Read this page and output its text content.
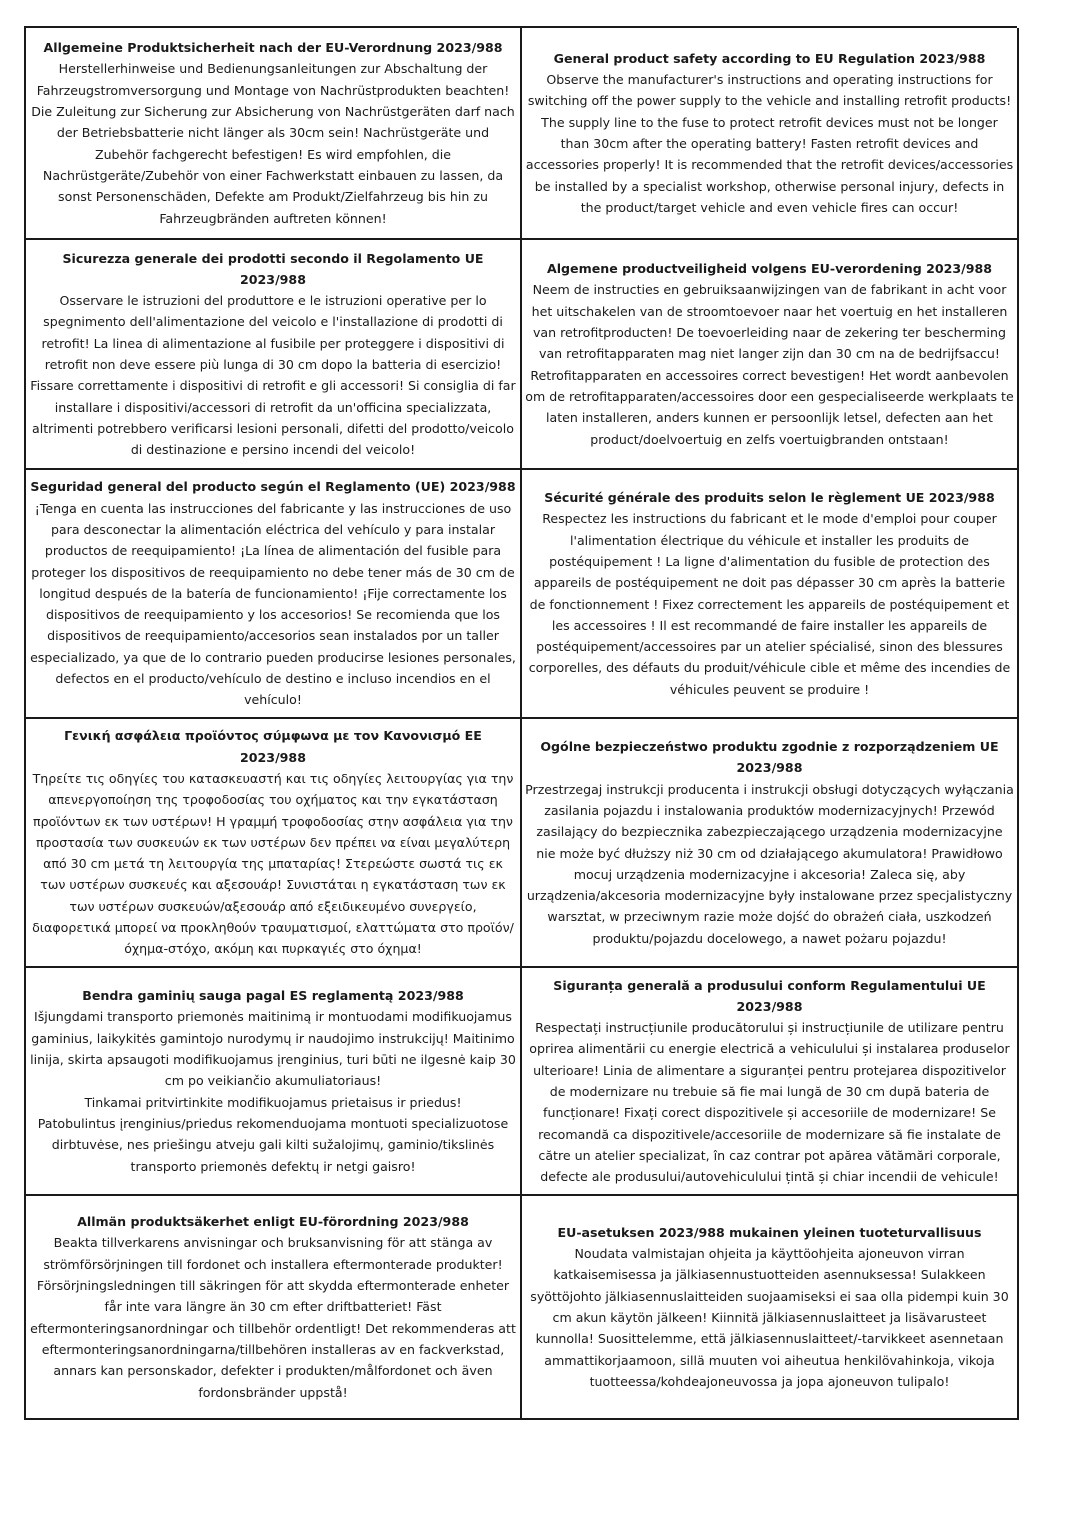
Allgemeine Produktsicherheit nach der EU-Verordnung 2023/988

Herstellerhinweise und Bedienungsanleitungen zur Abschaltung der Fahrzeugstromversorgung und Montage von Nachrüstprodukten beachten! Die Zuleitung zur Sicherung zur Absicherung von Nachrüstgeräten darf nach der Betriebsbatterie nicht länger als 30cm sein! Nachrüstgeräte und Zubehör fachgerecht befestigen! Es wird empfohlen, die Nachrüstgeräte/Zubehör von einer Fachwerkstatt einbauen zu lassen, da sonst Personenschäden, Defekte am Produkt/Zielfahrzeug bis hin zu Fahrzeugbränden auftreten können!

General product safety according to EU Regulation 2023/988

Observe the manufacturer's instructions and operating instructions for switching off the power supply to the vehicle and installing retrofit products! The supply line to the fuse to protect retrofit devices must not be longer than 30cm after the operating battery! Fasten retrofit devices and accessories properly! It is recommended that the retrofit devices/accessories be installed by a specialist workshop, otherwise personal injury, defects in the product/target vehicle and even vehicle fires can occur!

Sicurezza generale dei prodotti secondo il Regolamento UE 2023/988

Osservare le istruzioni del produttore e le istruzioni operative per lo spegnimento dell'alimentazione del veicolo e l'installazione di prodotti di retrofit! La linea di alimentazione al fusibile per proteggere i dispositivi di retrofit non deve essere più lunga di 30 cm dopo la batteria di esercizio! Fissare correttamente i dispositivi di retrofit e gli accessori! Si consiglia di far installare i dispositivi/accessori di retrofit da un'officina specializzata, altrimenti potrebbero verificarsi lesioni personali, difetti del prodotto/veicolo di destinazione e persino incendi del veicolo!

Algemene productveiligheid volgens EU-verordening 2023/988

Neem de instructies en gebruiksaanwijzingen van de fabrikant in acht voor het uitschakelen van de stroomtoevoer naar het voertuig en het installeren van retrofitproducten! De toevoerleiding naar de zekering ter bescherming van retrofitapparaten mag niet langer zijn dan 30 cm na de bedrijfsaccu! Retrofitapparaten en accessoires correct bevestigen! Het wordt aanbevolen om de retrofitapparaten/accessoires door een gespecialiseerde werkplaats te laten installeren, anders kunnen er persoonlijk letsel, defecten aan het product/doelvoertuig en zelfs voertuigbranden ontstaan!

Seguridad general del producto según el Reglamento (UE) 2023/988

¡Tenga en cuenta las instrucciones del fabricante y las instrucciones de uso para desconectar la alimentación eléctrica del vehículo y para instalar productos de reequipamiento! ¡La línea de alimentación del fusible para proteger los dispositivos de reequipamiento no debe tener más de 30 cm de longitud después de la batería de funcionamiento! ¡Fije correctamente los dispositivos de reequipamiento y los accesorios! Se recomienda que los dispositivos de reequipamiento/accesorios sean instalados por un taller especializado, ya que de lo contrario pueden producirse lesiones personales, defectos en el producto/vehículo de destino e incluso incendios en el vehículo!

Sécurité générale des produits selon le règlement UE 2023/988

Respectez les instructions du fabricant et le mode d'emploi pour couper l'alimentation électrique du véhicule et installer les produits de postéquipement ! La ligne d'alimentation du fusible de protection des appareils de postéquipement ne doit pas dépasser 30 cm après la batterie de fonctionnement ! Fixez correctement les appareils de postéquipement et les accessoires ! Il est recommandé de faire installer les appareils de postéquipement/accessoires par un atelier spécialisé, sinon des blessures corporelles, des défauts du produit/véhicule cible et même des incendies de véhicules peuvent se produire !

Γενική ασφάλεια προϊόντος σύμφωνα με τον Κανονισμό ΕΕ 2023/988

Τηρείτε τις οδηγίες του κατασκευαστή και τις οδηγίες λειτουργίας για την απενεργοποίηση της τροφοδοσίας του οχήματος και την εγκατάσταση προϊόντων εκ των υστέρων! Η γραμμή τροφοδοσίας στην ασφάλεια για την προστασία των συσκευών εκ των υστέρων δεν πρέπει να είναι μεγαλύτερη από 30 cm μετά τη λειτουργία της μπαταρίας! Στερεώστε σωστά τις εκ των υστέρων συσκευές και αξεσουάρ! Συνιστάται η εγκατάσταση των εκ των υστέρων συσκευών/αξεσουάρ από εξειδικευμένο συνεργείο, διαφορετικά μπορεί να προκληθούν τραυματισμοί, ελαττώματα στο προϊόν/όχημα-στόχο, ακόμη και πυρκαγιές στο όχημα!

Ogólne bezpieczeństwo produktu zgodnie z rozporządzeniem UE 2023/988

Przestrzegaj instrukcji producenta i instrukcji obsługi dotyczących wyłączania zasilania pojazdu i instalowania produktów modernizacyjnych! Przewód zasilający do bezpiecznika zabezpieczającego urządzenia modernizacyjne nie może być dłuższy niż 30 cm od działającego akumulatora! Prawidłowo mocuj urządzenia modernizacyjne i akcesoria! Zaleca się, aby urządzenia/akcesoria modernizacyjne były instalowane przez specjalistyczny warsztat, w przeciwnym razie może dojść do obrażeń ciała, uszkodzeń produktu/pojazdu docelowego, a nawet pożaru pojazdu!

Bendra gaminių sauga pagal ES reglamentą 2023/988

Išjungdami transporto priemonės maitinimą ir montuodami modifikuojamus gaminius, laikykitės gamintojo nurodymų ir naudojimo instrukcijų! Maitinimo linija, skirta apsaugoti modifikuojamus įrenginius, turi būti ne ilgesnė kaip 30 cm po veikiančio akumuliatoriaus!
Tinkamai pritvirtinkite modifikuojamus prietaisus ir priedus!
Patobulintus įrenginius/priedus rekomenduojama montuoti specializuotose dirbtuvėse, nes priešingu atveju gali kilti sužalojimų, gaminio/tikslinės transporto priemonės defektų ir netgi gaisro!

Siguranța generală a produsului conform Regulamentului UE 2023/988

Respectați instrucțiunile producătorului și instrucțiunile de utilizare pentru oprirea alimentării cu energie electrică a vehiculului și instalarea produselor ulterioare! Linia de alimentare a siguranței pentru protejarea dispozitivelor de modernizare nu trebuie să fie mai lungă de 30 cm după bateria de funcționare! Fixați corect dispozitivele și accesoriile de modernizare! Se recomandă ca dispozitivele/accesoriile de modernizare să fie instalate de către un atelier specializat, în caz contrar pot apărea vătămări corporale, defecte ale produsului/autovehiculului țintă și chiar incendii de vehicule!

Allmän produktsäkerhet enligt EU-förordning 2023/988

Beakta tillverkarens anvisningar och bruksanvisning för att stänga av strömförsörjningen till fordonet och installera eftermonterade produkter! Försörjningsledningen till säkringen för att skydda eftermonterade enheter får inte vara längre än 30 cm efter driftbatteriet! Fäst eftermonteringsanordningar och tillbehör ordentligt! Det rekommenderas att eftermonteringsanordningarna/tillbehören installeras av en fackverkstad, annars kan personskador, defekter i produkten/målfordonet och även fordonsbränder uppstå!

EU-asetuksen 2023/988 mukainen yleinen tuoteturvallisuus

Noudata valmistajan ohjeita ja käyttöohjeita ajoneuvon virran katkaisemisessa ja jälkiasennustuotteiden asennuksessa! Sulakkeen syöttöjohto jälkiasennuslaitteiden suojaamiseksi ei saa olla pidempi kuin 30 cm akun käytön jälkeen! Kiinnitä jälkiasennuslaitteet ja lisävarusteet kunnolla! Suosittelemme, että jälkiasennuslaitteet/-tarvikkeet asennetaan ammattikorjaamoon, sillä muuten voi aiheutua henkilövahinkoja, vikoja tuotteessa/kohdeajoneuvossa ja jopa ajoneuvon tulipalo!
